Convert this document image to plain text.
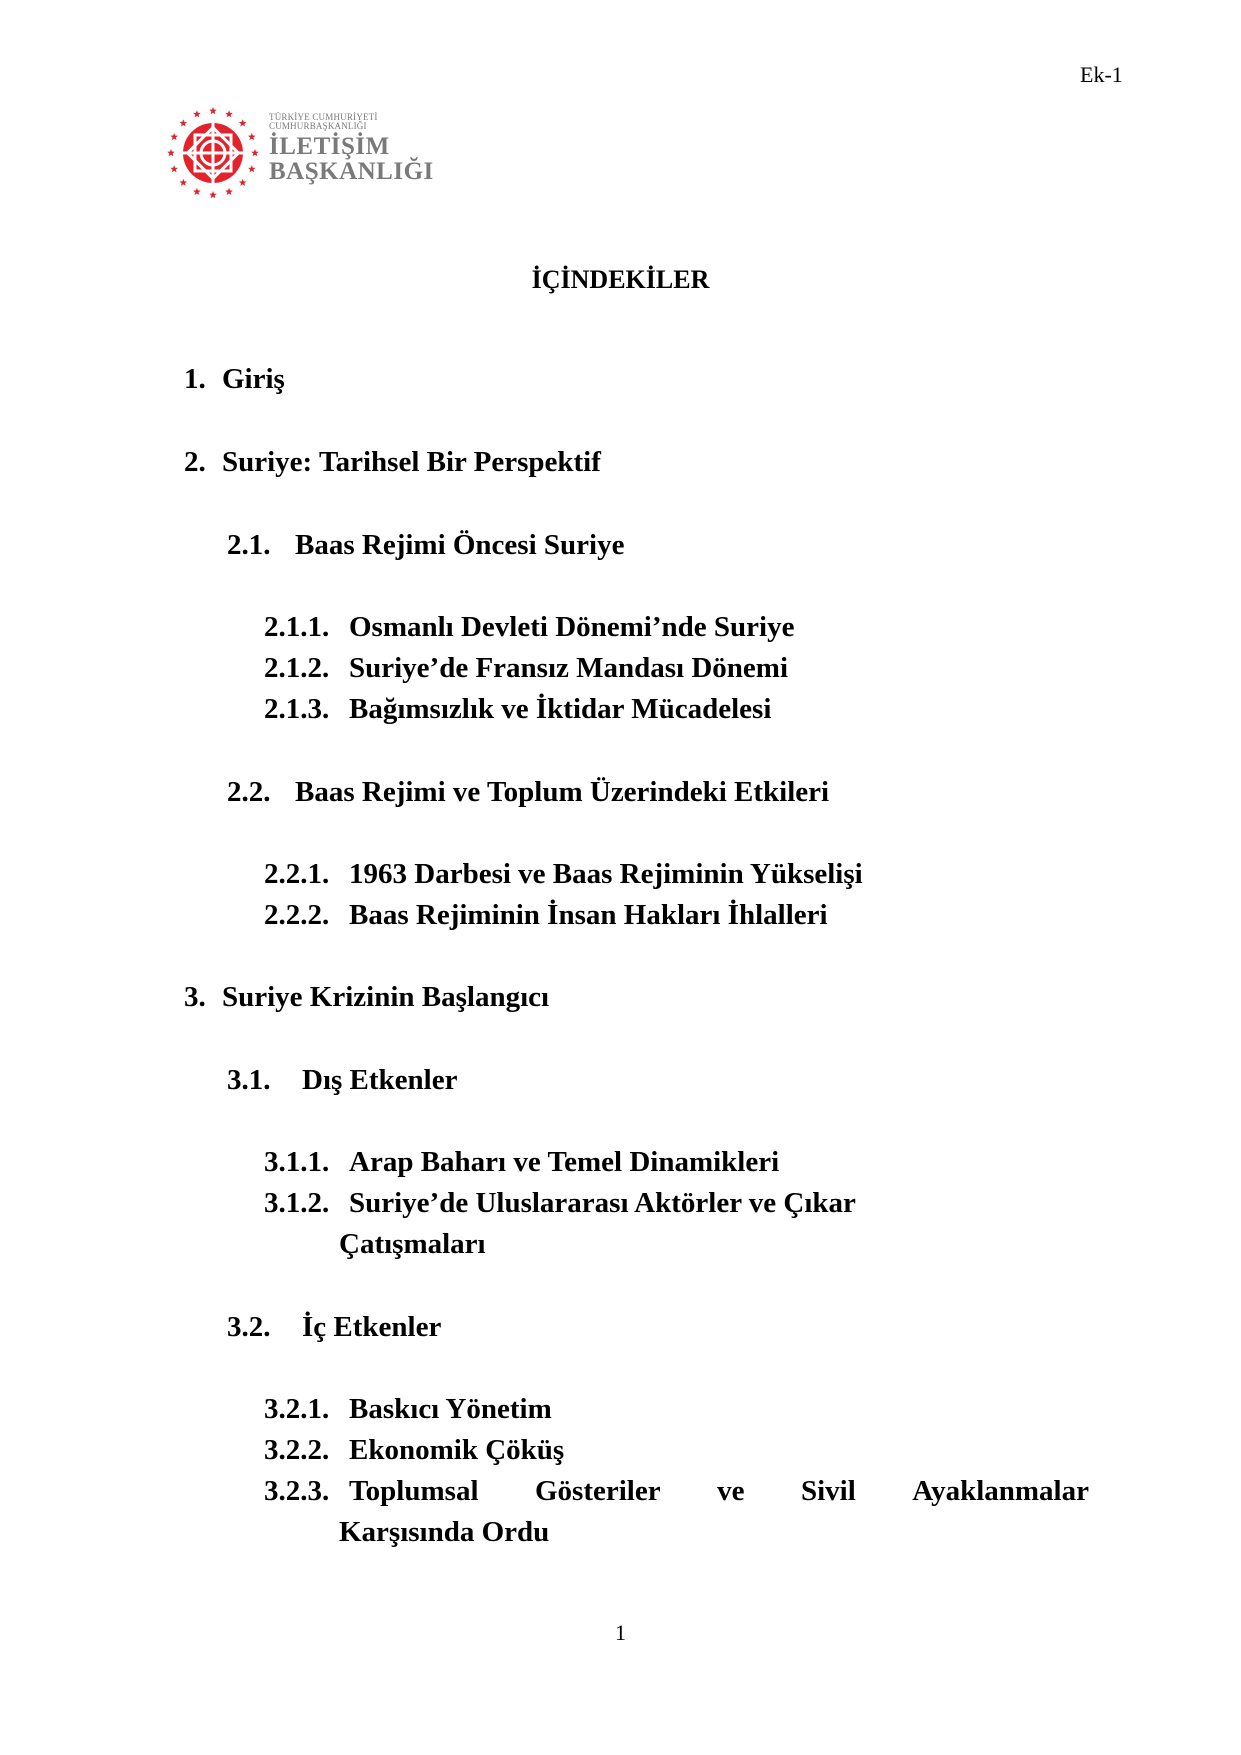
Ek-1
TÜRKİYE CUMHURİYETİ
CUMHURBAŞKANLIĞI
İLETİŞİM
BAŞKANLIĞI
İÇİNDEKİLER
1. Giriş
2. Suriye: Tarihsel Bir Perspektif
2.1. Baas Rejimi Öncesi Suriye
2.1.1. Osmanlı Devleti Dönemi’nde Suriye
2.1.2. Suriye’de Fransız Mandası Dönemi
2.1.3. Bağımsızlık ve İktidar Mücadelesi
2.2. Baas Rejimi ve Toplum Üzerindeki Etkileri
2.2.1. 1963 Darbesi ve Baas Rejiminin Yükselişi
2.2.2. Baas Rejiminin İnsan Hakları İhlalleri
3. Suriye Krizinin Başlangıcı
3.1. Dış Etkenler
3.1.1. Arap Baharı ve Temel Dinamikleri
3.1.2. Suriye’de Uluslararası Aktörler ve Çıkar
Çatışmaları
3.2. İç Etkenler
3.2.1. Baskıcı Yönetim
3.2.2. Ekonomik Çöküş
3.2.3. Toplumsal Gösteriler ve Sivil Ayaklanmalar
Karşısında Ordu
1
